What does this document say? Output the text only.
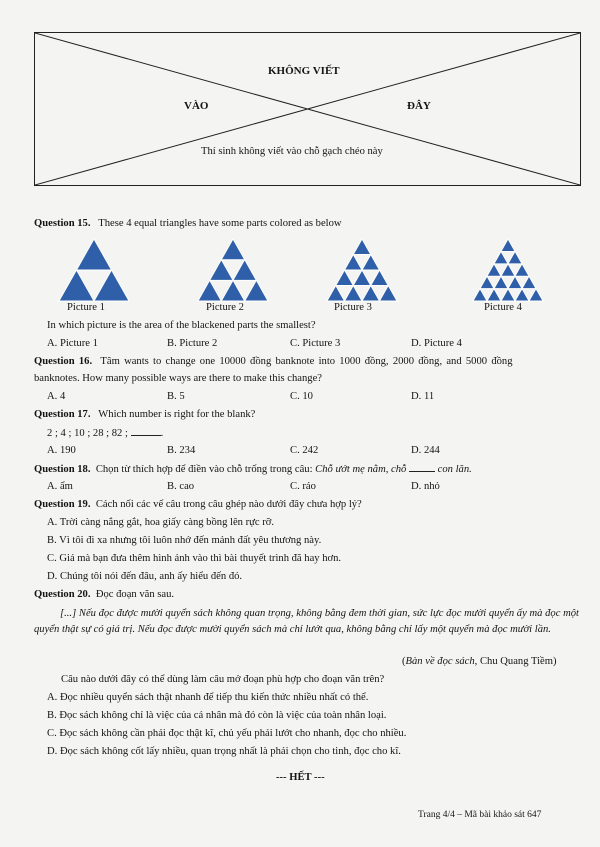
KHÔNG VIẾT
VÀO	ĐÂY
Thí sinh không viết vào chỗ gạch chéo này
Question 15. These 4 equal triangles have some parts colored as below
Picture 1	Picture 2	Picture 3	Picture 4
In which picture is the area of the blackened parts the smallest?
A. Picture 1	B. Picture 2	C. Picture 3	D. Picture 4
Question 16. Tâm wants to change one 10000 đồng banknote into 1000 đồng, 2000 đồng, and 5000 đồng
banknotes. How many possible ways are there to make this change?
A. 4	B. 5	C. 10	D. 11
Question 17. Which number is right for the blank?
2 ; 4 ; 10 ; 28 ; 82 ;	.
A. 190	B. 234	C. 242	D. 244
Question 18. Chọn từ thích hợp để điền vào chỗ trống trong câu: Chỗ ướt mẹ nằm, chỗ	con lăn.
A. ẩm	B. cao	C. ráo	D. nhỏ
Question 19. Cách nối các vế câu trong câu ghép nào dưới đây chưa hợp lý?
A. Trời càng nắng gắt, hoa giấy càng bồng lên rực rỡ.
B. Vì tôi đi xa nhưng tôi luôn nhớ đến mảnh đất yêu thương này.
C. Giá mà bạn đưa thêm hình ảnh vào thì bài thuyết trình đã hay hơn.
D. Chúng tôi nói đến đâu, anh ấy hiểu đến đó.
Question 20. Đọc đoạn văn sau.
[...] Nếu đọc được mười quyển sách không quan trọng, không bằng đem thời gian, sức lực đọc mười quyển ấy mà đọc một quyển thật sự có giá trị. Nếu đọc được mười quyển sách mà chỉ lướt qua, không bằng chỉ lấy một quyển mà đọc mười lần.
(Bàn về đọc sách, Chu Quang Tiềm)
Câu nào dưới đây có thể dùng làm câu mở đoạn phù hợp cho đoạn văn trên?
A. Đọc nhiều quyển sách thật nhanh để tiếp thu kiến thức nhiều nhất có thể.
B. Đọc sách không chỉ là việc của cá nhân mà đó còn là việc của toàn nhân loại.
C. Đọc sách không cần phải đọc thật kĩ, chủ yếu phải lướt cho nhanh, đọc cho nhiều.
D. Đọc sách không cốt lấy nhiều, quan trọng nhất là phải chọn cho tinh, đọc cho kĩ.
--- HẾT ---
Trang 4/4 – Mã bài khảo sát 647
